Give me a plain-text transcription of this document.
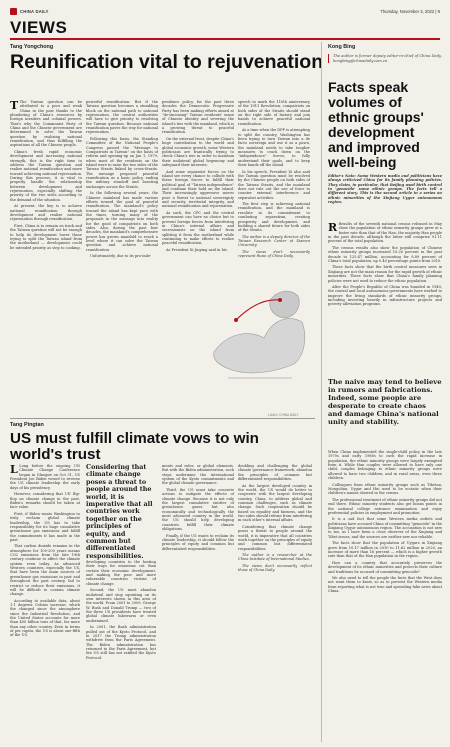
CHINA DAILY	Thursday, November 3, 2022 | 9
VIEWS
Tang Yongchong
Reunification vital to rejuvenation

T The Taiwan question can be attributed to a poor and weak China in the past thanks to the plundering of China's resources by foreign invaders and colonial powers. That's why the Communist Party of China and the Chinese government are determined to solve the Taiwan question by realizing national reunification, and thus fulfilling the aspirations of all the Chinese people.

China's fresh rapid economic development and increasing national strength, this is the right time to address the Taiwan question and realize national reunification and move toward achieving national rejuvenation. During this process, it is vital to properly handle the relationship between development and rejuvenation, especially shifting the priority of the two sides according to the demand of the situation.

At present, the key is to achieve national reunification through development and realize national rejuvenation through reunification.

First, China is to remain on track and the Taiwan question will not be enough to help its development lower those trying to split the Taiwan island from the motherland — development could be intended priority as step to cooking.

powerful reunification. But if the Taiwan question becomes a stumbling block on the national path to national rejuvenation, the central authorities will have to give priority to resolving the Taiwan question. Because national reunification paves the way for national rejuvenation.

Following this basis, the Standing Committee of the National People's Congress passed the "Message to Compatriots in Taiwan" on the basis of reform and opening-up on Jan 1, 1979, when most of the residents on the island were to raise the two sides of the Taiwan Straits linked by cross-Straits. The message proposed peaceful reunification as a basic policy, ending the military standoff and boosting exchanges across the Straits.

In the following several years, the Chinese mainland has made various efforts toward the goal of peaceful reunification. The mainland's policy toward the island has kept pace with the times, turning many of the proposals in the message into reality for the good of compatriots on both sides. Also, during the past four decades, the mainland's comprehensive power has grown manifold to reach a level where it can solve the Taiwan question and achieve national reunification.

Unfortunately, due to its pro-inde-

pendence policy, for the past three decades the Democratic Progressive Party has been making efforts aimed at "de-sinicizing" Taiwan residents' sense of Chinese identity and severing the island's ties with the mainland, which is a growing threat to peaceful reunification.

On the external front, despite China's huge contribution to the world and global economic growth, some Western politicians are frantically trying to check China's rise in order to maintain their unilateral global hegemony and safeguard their interests.

And some separatist forces on the island see every chance to collude with these foreign forces to fulfill their political goal of "Taiwan independence" and continue their hold on the island. Their increasingly aggressive moves pose a threat to national sovereignty and security, territorial integrity, and national reunification and rejuvenation.

As such, the CPC and the central government can have no choice but to prevent foreign forces from interfering in China's internal affairs and secessionists on the island from splitting it from the motherland while continuing to make efforts to realize peaceful reunification.

As President Xi Jinping said in his

speech to mark the 110th anniversary of the 1911 Revolution, compatriots on both sides of the Straits should stand on the right side of history and join hands to achieve peaceful national reunification.

At a time when the DPP is attempting to split the country, Washington has been trying to turn Taiwan into a de facto sovereign and use it as a pawn, the mainland needs to take tougher measures to crack down on the "independence" forces, to fully understand their goals, and to keep their hands off the island.

In his speech, President Xi also said the Taiwan question must be resolved by the Chinese people on both sides of the Taiwan Straits, and the mainland does not rule out the use of force to counter external interference and separatist activities.

The first step is achieving national reunification, and the mainland is resolute in its commitment to combating separatism, creating prosperity and development, and building a shared future for both sides of the Straits.

The author is a deputy director of the Taiwan Research Center at Xiamen University.

The views don't necessarily represent those of China Daily.

LUAN / CHINA DAILY
Tang Pingtan
US must fulfill climate vows to win world's trust

L Long before the ongoing UN Climate Change Conference began in Glasgow on Oct 31, US President Joe Biden vowed to reverse the US climate leadership the early days of his presidency.

However, considering that US' flip-flop on climate change in the past, Biden's remarks should be taken at face value.

First, if Biden wants Washington to truly reclaim global climate leadership, the US has to take responsibility for its huge cumulative greenhouse gas emissions and fulfill the commitments it has made in the past.

That carbon dioxide remains in the atmosphere for 100-200 years means CO2 emissions from the late 19th century continue to affect the climate system even today. As advanced Western countries, especially the US, that have been the main sources of greenhouse gas emissions in past and throughout the past century, fail to restrict or reduce their emissions, it will be difficult to contain climate change.

According to available data, about 1.1 degrees Celsius increase, which the changed since the atmosphere since the Industrial Revolution, and the United States accounts for more than 400 billion tons of that, far more than any other country. Even in terms of per capita, the US is about one-fifth of the US.

Considering that climate change poses a threat to people around the world, it is imperative that all countries work together on the principles of equity, and common but differentiated responsibilities.

developing countries to the hosting their ways for emissions cut than certain their economic development, and making the poor and more vulnerable countries victims of climate change.

Second, the US must abandon unilateral and stop squinting on its own interests shown in this area of the world. From 2001 to 2009, George W. Bush and Donald Trump — two of the three US presidents have treated global climate lukewarm or even undermined.

In 2001, the Bush administration pulled out of the Kyoto Protocol, and in 2017 the Trump administration withdrew from the Paris Agreement. The Biden administration has returned to the Paris Agreement, but the US still has not ratified the Kyoto Protocol.

ments and rules, or global elements. But with the Biden administration, such steps undermine the international system of the Kyoto commitments and the global climate governance.

Third, the US must take concrete actions to mitigate the effects of climate change. Because it is not only the largest cumulative emitter of greenhouse gases but also economically and technologically the most advanced country in the world, the US should help developing countries fulfill their climate obligations.

Finally, if the US wants to reclaim its climate leadership, it should follow the principles of equity and common but differentiated responsibilities.

doubling and challenging the global climate governance framework, abandon the principles of common but differentiated responsibilities.

As the largest developed country in the world, the US would do better to cooperate with the largest developing country, China, to address global and common challenges, such as climate change. Such cooperation should be based on equality and fairness, and the two sides should refrain from interfering in each other's internal affairs.

Considering that climate change poses a threat to people around the world, it is imperative that all countries work together on the principles of equity and common but differentiated responsibilities.

The author is a researcher at the China Institute of International Studies.

The views don't necessarily reflect those of China Daily.

Kong Bing
The author is former deputy editor-in-chief of China Daily. kongbing@chinadaily.com.cn
Facts speak volumes of ethnic groups' development and improved well-being

Editor's Note: Some Western media and politicians have always criticized China for its family planning policies. They claim, in particular, that Beijing used birth control to 'genocide' some ethnic groups. The facts tell a different story. This is the second article in a series on ethnic minorities of the Xinjiang Uygur autonomous region.

R Results of the seventh national census released in May show the population of ethnic minority groups grew at a faster rate than that of the Han, the majority Han people in the past decade, although the latter still comprise 91.11 percent of the total population.

The census results also show the population of Chinese ethnic minority groups increased 10.26 percent in the past decade to 125.47 million, accounting for 8.89 percent of China's total population, up 0.40 percentage points from 2010.

These facts show that the birth control measures seen in Xinjiang are not the main reason for the rapid growth of ethnic minorities. These facts show that China's family planning policies were not used to reduce the ethnic population.

After the People's Republic of China was founded in 1949, the central and local autonomous governments have worked to improve the living standards of ethnic minority groups, including investing heavily in infrastructure projects and poverty alleviation programs.

The naive may tend to believe in rumors and fabrications. Indeed, some people are desperate to create chaos and damage China's national unity and stability.

When China implemented the single-child policy in the late 1970s and early 1980s to curb the rapid increase in population, the ethnic minority groups were largely exempted from it. While Han couples were allowed to have only one child, couples belonging to ethnic minority groups were allowed to have two children, and in rural areas, even three children.

Colleagues from ethnic minority groups such as Tibetan, Mongolian, Uygur and Hui used to be ecstatic when their children's names showed in the census.

The professional treatment of ethnic minority groups did not end there. Ethnic minority students also get bonus points in the national college entrance examination and enjoy preferential policies in employment and promotion.

It is a sad fact that some Western media outlets and politicians have accused China of committing "genocide" in the Xinjiang Uygur autonomous region. The accusation is not new to me, as I have been a close observer of the Xinjiang and Tibet issues, and the sources are neither new nor reliable.

The facts show that the population of Uygurs in Xinjiang grew from 10.17 million in 2010 to 11.62 million in 2020, an increase of more than 16 percent — which is a higher growth rate than that of the Han population in the region.

How can a country that accurately preserves the development of its ethnic minorities and protects their culture and traditions be accused of committing genocide?

We also need to tell the people the facts that the West does not want them to know, so as to prevent the Western media from reporting what is not true and spreading fake news about China.
